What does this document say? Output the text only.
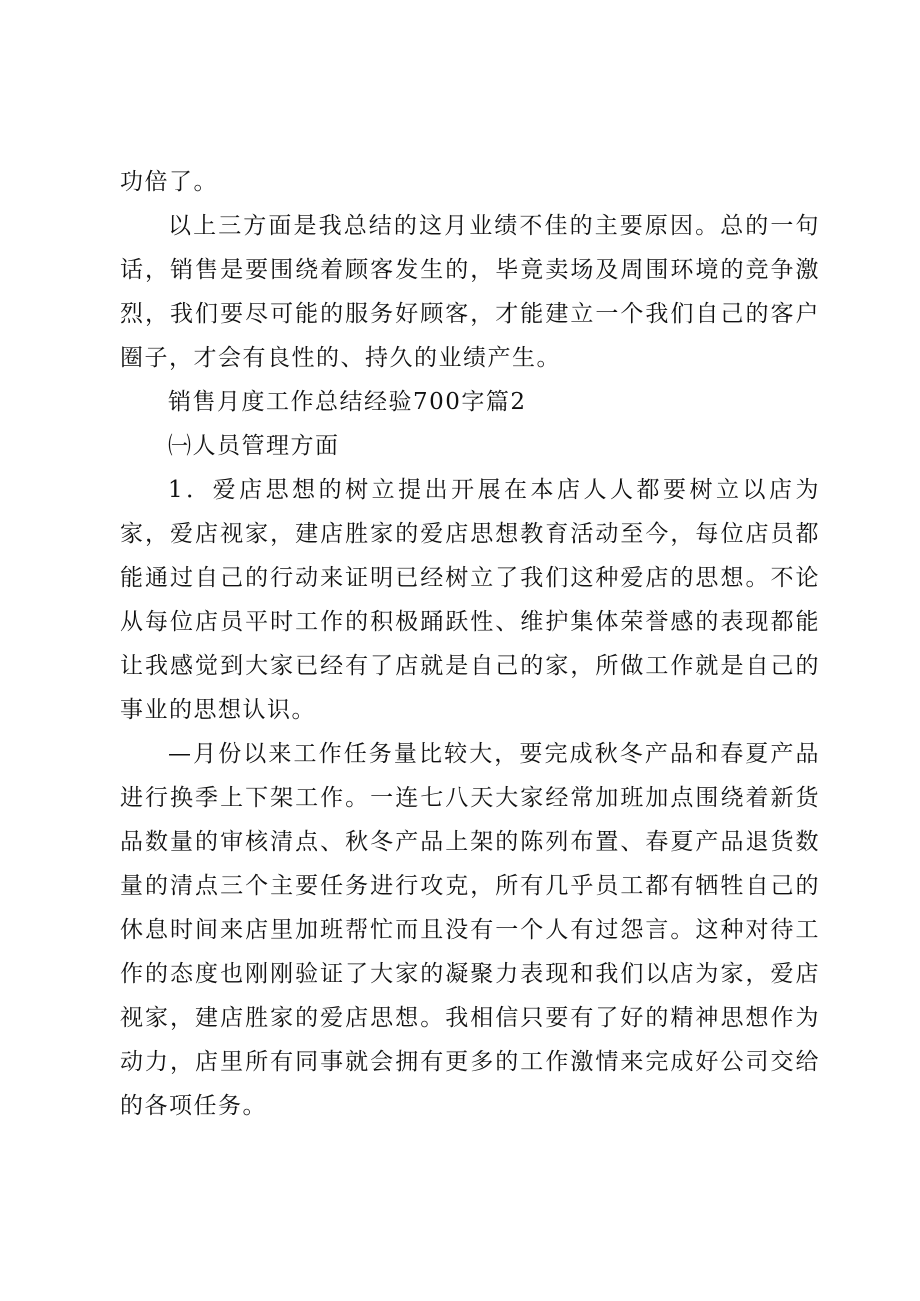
功倍了。

以上三方面是我总结的这月业绩不佳的主要原因。总的一句话，销售是要围绕着顾客发生的，毕竟卖场及周围环境的竞争激烈，我们要尽可能的服务好顾客，才能建立一个我们自己的客户圈子，才会有良性的、持久的业绩产生。

销售月度工作总结经验700字篇2

㈠人员管理方面

1．爱店思想的树立提出开展在本店人人都要树立以店为家，爱店视家，建店胜家的爱店思想教育活动至今，每位店员都能通过自己的行动来证明已经树立了我们这种爱店的思想。不论从每位店员平时工作的积极踊跃性、维护集体荣誉感的表现都能让我感觉到大家已经有了店就是自己的家，所做工作就是自己的事业的思想认识。

—月份以来工作任务量比较大，要完成秋冬产品和春夏产品进行换季上下架工作。一连七八天大家经常加班加点围绕着新货品数量的审核清点、秋冬产品上架的陈列布置、春夏产品退货数量的清点三个主要任务进行攻克，所有几乎员工都有牺牲自己的休息时间来店里加班帮忙而且没有一个人有过怨言。这种对待工作的态度也刚刚验证了大家的凝聚力表现和我们以店为家，爱店视家，建店胜家的爱店思想。我相信只要有了好的精神思想作为动力，店里所有同事就会拥有更多的工作激情来完成好公司交给的各项任务。
